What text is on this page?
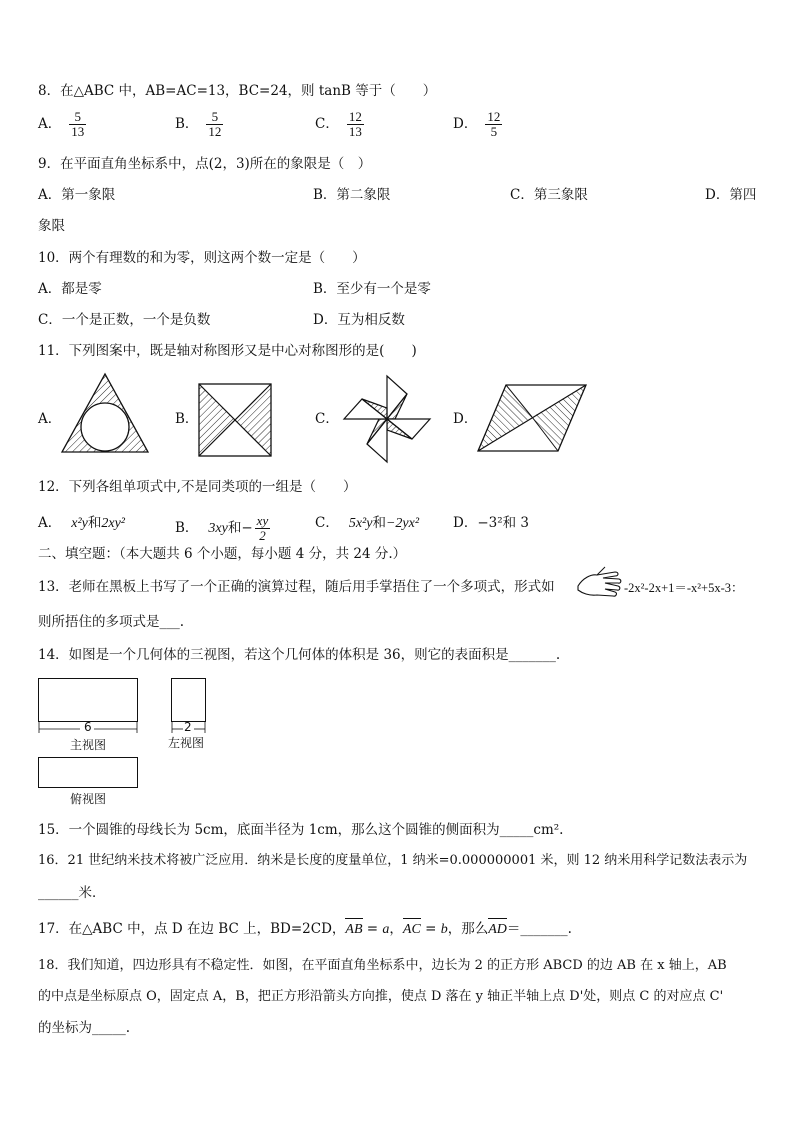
8．在△ABC 中，AB=AC=13，BC=24，则 tanB 等于（　　）
A． $\frac{5}{13}$	B． $\frac{5}{12}$	C． $\frac{12}{13}$	D． $\frac{12}{5}$
9．在平面直角坐标系中，点(2，3)所在的象限是（　）
A．第一象限	B．第二象限	C．第三象限	D．第四
象限
10．两个有理数的和为零，则这两个数一定是（　　）
A．都是零	B．至少有一个是零
C．一个是正数，一个是负数	D．互为相反数
11．下列图案中，既是轴对称图形又是中心对称图形的是(　　)
A．	B．	C．	D．
12．下列各组单项式中,不是同类项的一组是（　　）
A． x²y和2xy²	B． 3xy和− $\frac{xy}{2}$	C． 5x²y和−2yx²	D．−3²和 3
二、填空题：（本大题共 6 个小题，每小题 4 分，共 24 分.）
13．老师在黑板上书写了一个正确的演算过程，随后用手掌捂住了一个多项式，形式如	-2x²-2x+1＝-x²+5x-3：
则所捂住的多项式是___.
14．如图是一个几何体的三视图，若这个几何体的体积是 36，则它的表面积是_______.
6
主视图
2
左视图
俯视图
15．一个圆锥的母线长为 5cm，底面半径为 1cm，那么这个圆锥的侧面积为_____cm².
16．21 世纪纳米技术将被广泛应用．纳米是长度的度量单位，1 纳米=0.000000001 米，则 12 纳米用科学记数法表示为
______米．
17．在△ABC 中，点 D 在边 BC 上，BD=2CD，AB = a，AC = b，那么AD＝_______.
18．我们知道，四边形具有不稳定性．如图，在平面直角坐标系中，边长为 2 的正方形 ABCD 的边 AB 在 x 轴上，AB
的中点是坐标原点 O，固定点 A，B，把正方形沿箭头方向推，使点 D 落在 y 轴正半轴上点 D'处，则点 C 的对应点 C'
的坐标为_____.
